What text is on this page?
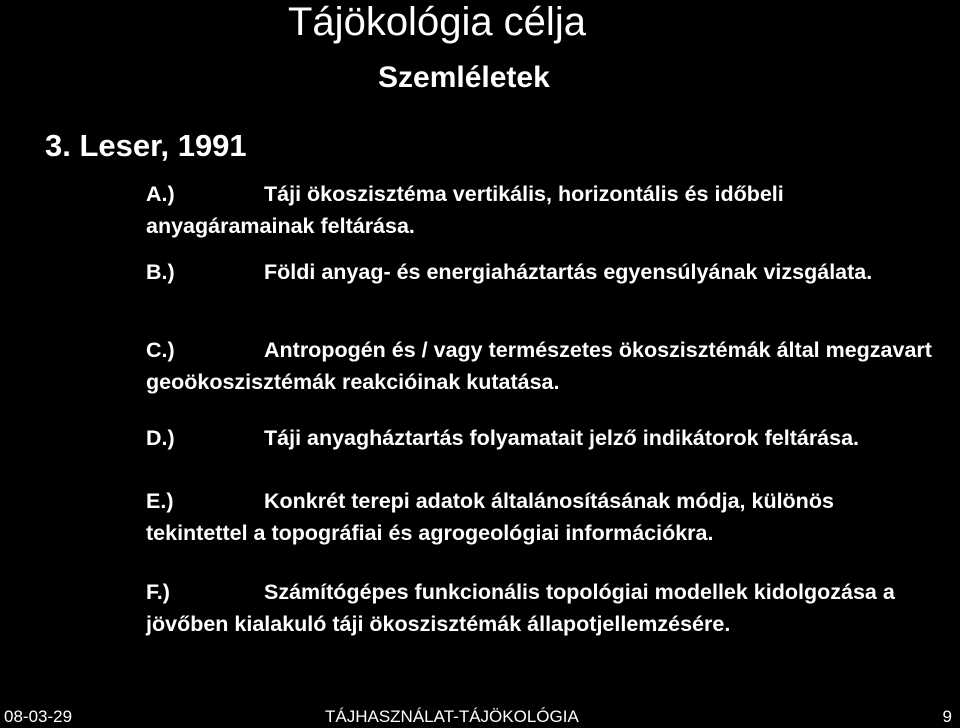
Tájökológia célja
Szemléletek
3. Leser, 1991
A.)	Táji ökoszisztéma vertikális, horizontális és időbeli anyagáramainak feltárása.
B.)	Földi anyag- és energiaháztartás egyensúlyának vizsgálata.
C.)	Antropogén és / vagy természetes ökoszisztémák által megzavart geoökoszisztémák reakcióinak kutatása.
D.)	Táji anyagháztartás folyamatait jelző indikátorok feltárása.
E.)	Konkrét terepi adatok általánosításának módja, különös tekintettel a topográfiai és agrogeológiai információkra.
F.)	Számítógépes funkcionális topológiai modellek kidolgozása a jövőben kialakuló táji ökoszisztémák állapotjellemzésére.
08-03-29	TÁJHASZNÁLAT-TÁJÖKOLÓGIA	9
